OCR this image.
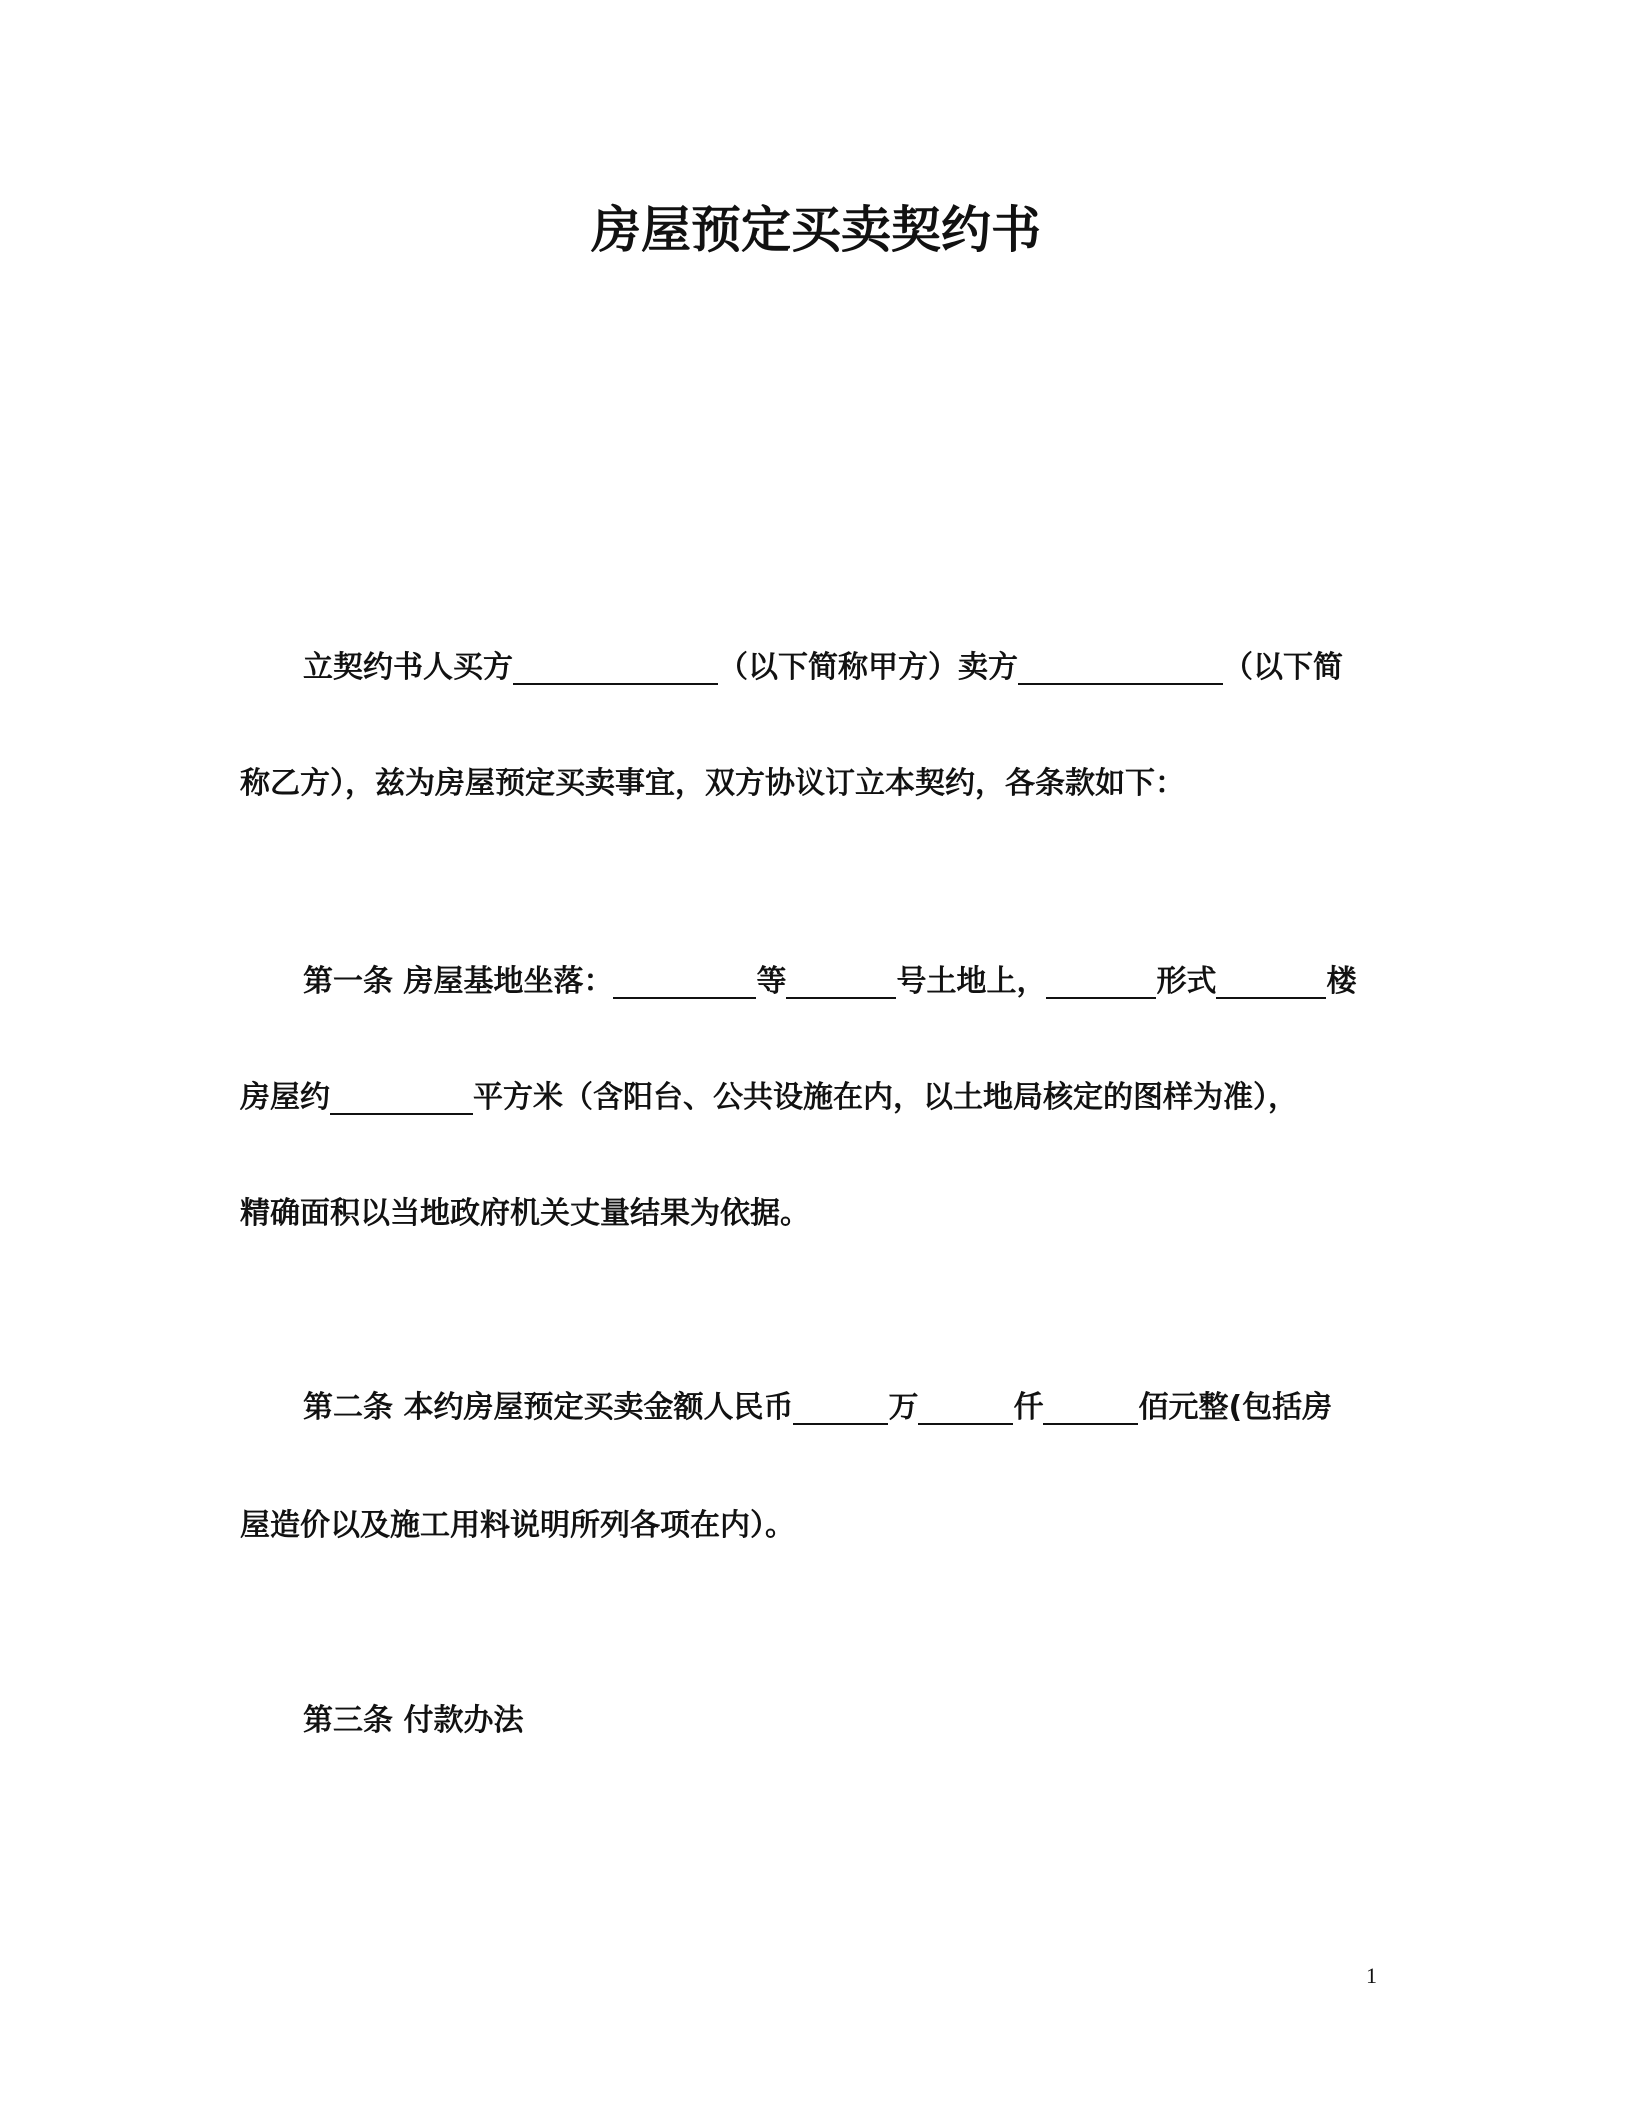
房屋预定买卖契约书
立契约书人买方	（以下简称甲方）卖方	（以下简
称乙方），兹为房屋预定买卖事宜，双方协议订立本契约，各条款如下：
第一条 房屋基地坐落：	等	号土地上，	形式	楼
房屋约	平方米（含阳台、公共设施在内，以土地局核定的图样为准），
精确面积以当地政府机关丈量结果为依据。
第二条 本约房屋预定买卖金额人民币	万	仟	佰元整(包括房
屋造价以及施工用料说明所列各项在内）。
第三条 付款办法
1
